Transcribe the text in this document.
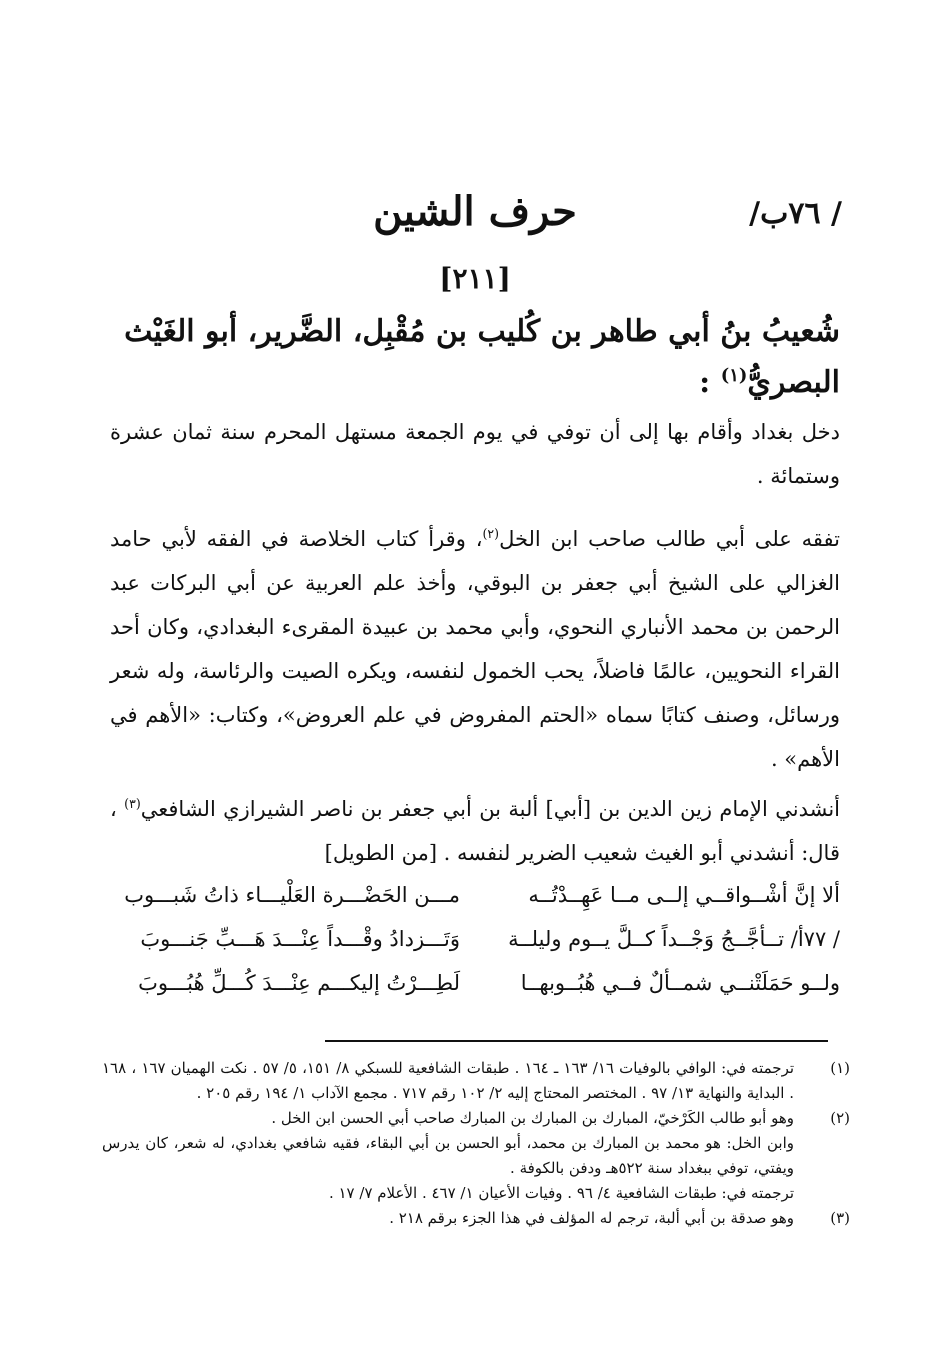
/ ٧٦ب/
حرف الشين
[٢١١]
شُعيبُ بنُ أبي طاهر بن كُليب بن مُقْبِل، الضَّرير، أبو الغَيْث البصريُّ$^{(١)}$ :
دخل بغداد وأقام بها إلى أن توفي في يوم الجمعة مستهل المحرم سنة ثمان عشرة وستمائة .
تفقه على أبي طالب صاحب ابن الخل$^{(٢)}$، وقرأ كتاب الخلاصة في الفقه لأبي حامد الغزالي على الشيخ أبي جعفر بن البوقي، وأخذ علم العربية عن أبي البركات عبد الرحمن بن محمد الأنباري النحوي، وأبي محمد بن عبيدة المقرىء البغدادي، وكان أحد القراء النحويين، عالمًا فاضلاً، يحب الخمول لنفسه، ويكره الصيت والرئاسة، وله شعر ورسائل، وصنف كتابًا سماه «الحتم المفروض في علم العروض»، وكتاب: «الأهم في الأهم» .
أنشدني الإمام زين الدين بن [أبي] ألبة بن أبي جعفر بن ناصر الشيرازي الشافعي$^{(٣)}$ ، قال: أنشدني أبو الغيث شعيب الضرير لنفسه . [من الطويل]
ألا إنَّ أشْــواقــي إلــى مــا عَهِــدْتُــه
مـــن الحَضْـــرة العَلْيـــاء ذاتُ شَبـــوب
/ ٧٧أ/ تــأجَّــجُ وَجْــداً كــلَّ يــوم وليلــة
وَتَـــزدادُ وقْـــداً عِنْـــدَ هَـــبِّ جَنـــوبَ
ولــو حَمَلَتْنــي شمــألٌ فــي هُبُــوبهــا
لَطِـــرْتُ إليكـــم عِنْـــدَ كُـــلِّ هُبُـــوبَ
(١)
ترجمته في: الوافي بالوفيات ١٦/ ١٦٣ ـ ١٦٤ . طبقات الشافعية للسبكي ٨/ ١٥١، ٥/ ٥٧ . نكت الهميان ١٦٧ ، ١٦٨ . البداية والنهاية ١٣/ ٩٧ . المختصر المحتاج إليه ٢/ ١٠٢ رقم ٧١٧ . مجمع الآداب ١/ ١٩٤ رقم ٢٠٥ .
(٢)
وهو أبو طالب الكَرْخيّ، المبارك بن المبارك بن المبارك صاحب أبي الحسن ابن الخل .
وابن الخل: هو محمد بن المبارك بن محمد، أبو الحسن بن أبي البقاء، فقيه شافعي بغدادي، له شعر، كان يدرس ويفتي، توفي ببغداد سنة ٥٢٢هـ ودفن بالكوفة .
ترجمته في: طبقات الشافعية ٤/ ٩٦ . وفيات الأعيان ١/ ٤٦٧ . الأعلام ٧/ ١٧ .
(٣)
وهو صدقة بن أبي ألبة، ترجم له المؤلف في هذا الجزء برقم ٢١٨ .
